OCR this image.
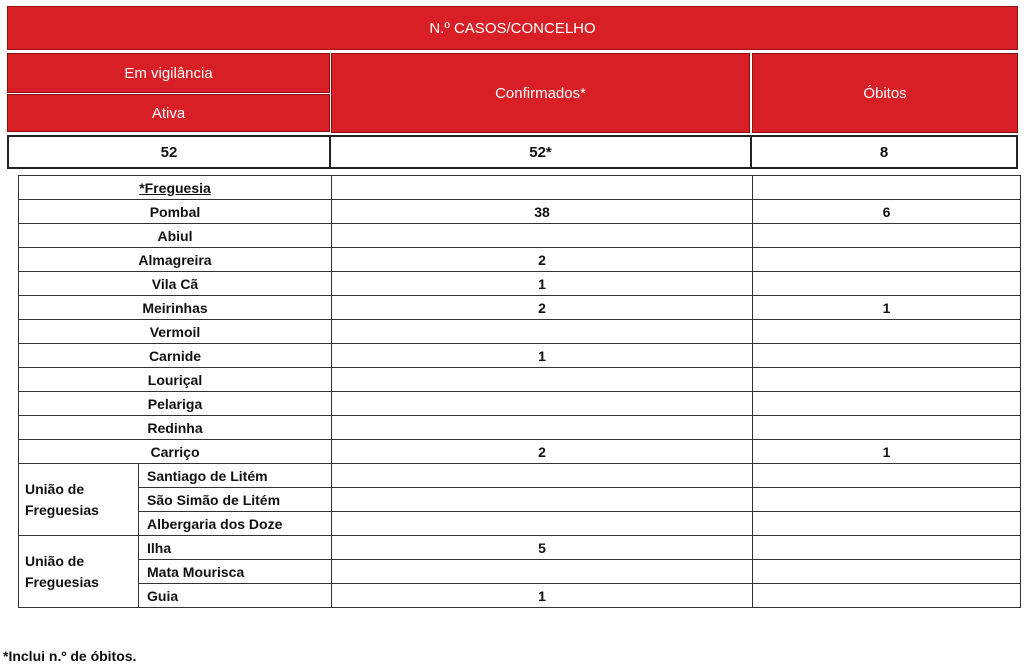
N.º CASOS/CONCELHO
Em vigilância
Ativa
Confirmados*	Óbitos
52	52*	8
*Freguesia			
Pombal		38	6
Abiul			
Almagreira		2	
Vila Cã		1	
Meirinhas		2	1
Vermoil			
Carnide		1	
Louriçal			
Pelariga			
Redinha			
Carriço		2	1
União de
Freguesias	Santiago de Litém		
	São Simão de Litém		
	Albergaria dos Doze		
União de
Freguesias	Ilha	5	
	Mata Mourisca		
	Guia	1	
*Inclui n.º de óbitos.
